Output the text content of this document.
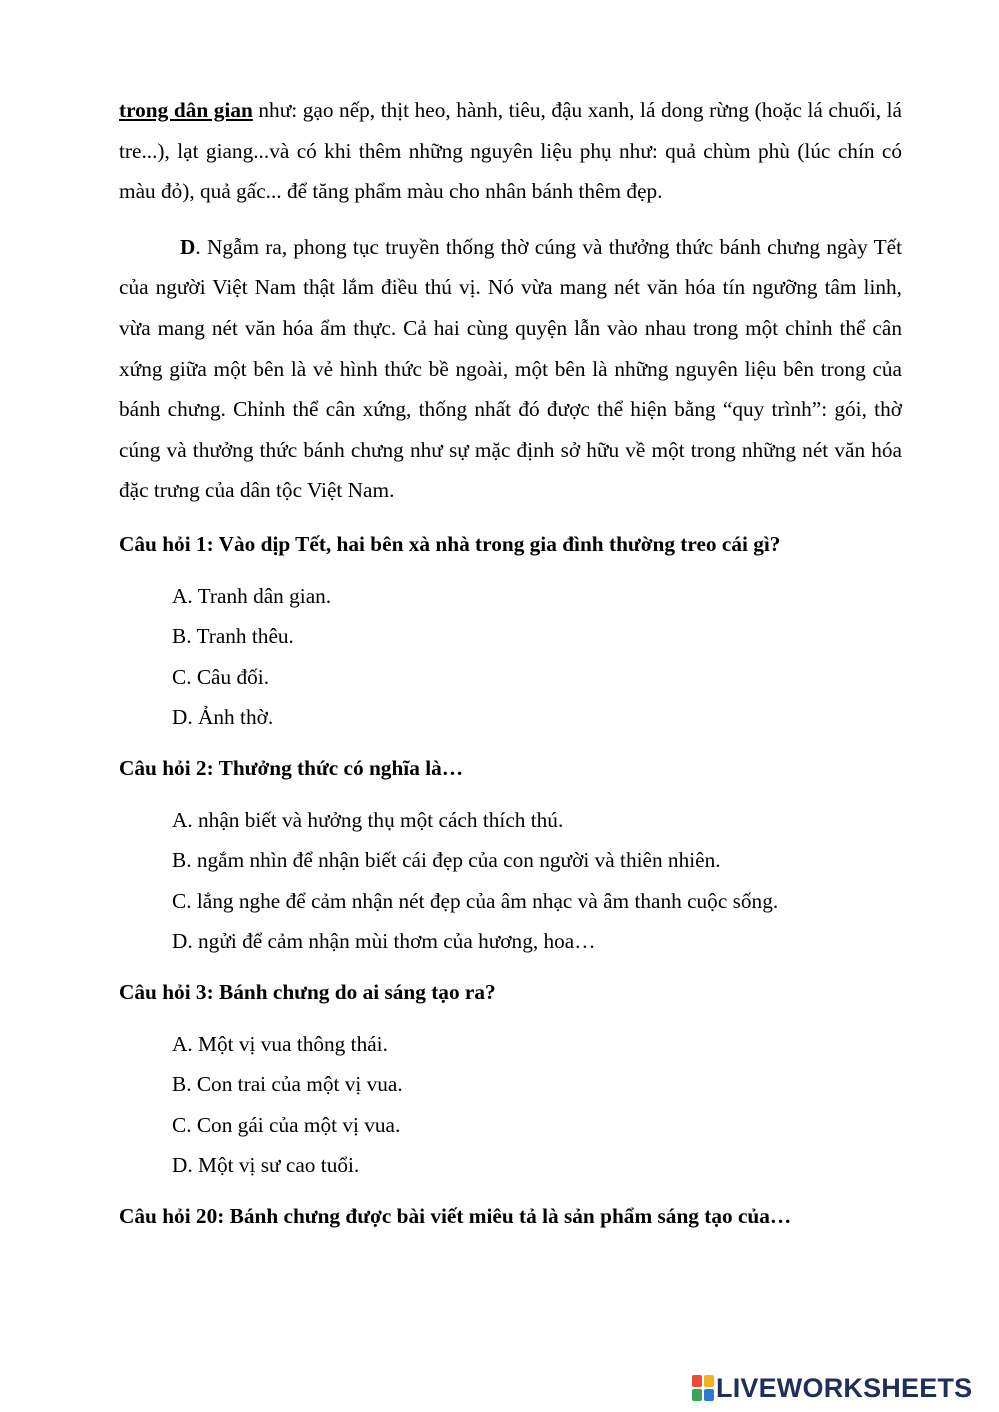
trong dân gian như: gạo nếp, thịt heo, hành, tiêu, đậu xanh, lá dong rừng (hoặc lá chuối, lá tre...), lạt giang...và có khi thêm những nguyên liệu phụ như: quả chùm phù (lúc chín có màu đỏ), quả gấc... để tăng phẩm màu cho nhân bánh thêm đẹp.

D. Ngẫm ra, phong tục truyền thống thờ cúng và thưởng thức bánh chưng ngày Tết của người Việt Nam thật lắm điều thú vị. Nó vừa mang nét văn hóa tín ngưỡng tâm linh, vừa mang nét văn hóa ẩm thực. Cả hai cùng quyện lẫn vào nhau trong một chỉnh thể cân xứng giữa một bên là vẻ hình thức bề ngoài, một bên là những nguyên liệu bên trong của bánh chưng. Chỉnh thể cân xứng, thống nhất đó được thể hiện bằng “quy trình”: gói, thờ cúng và thưởng thức bánh chưng như sự mặc định sở hữu về một trong những nét văn hóa đặc trưng của dân tộc Việt Nam.

Câu hỏi 1: Vào dịp Tết, hai bên xà nhà trong gia đình thường treo cái gì?

A. Tranh dân gian.

B. Tranh thêu.

C. Câu đối.

D. Ảnh thờ.

Câu hỏi 2: Thưởng thức có nghĩa là…

A. nhận biết và hưởng thụ một cách thích thú.

B. ngắm nhìn để nhận biết cái đẹp của con người và thiên nhiên.

C. lắng nghe để cảm nhận nét đẹp của âm nhạc và âm thanh cuộc sống.

D. ngửi để cảm nhận mùi thơm của hương, hoa…

Câu hỏi 3: Bánh chưng do ai sáng tạo ra?

A. Một vị vua thông thái.

B. Con trai của một vị vua.

C. Con gái của một vị vua.

D. Một vị sư cao tuổi.

Câu hỏi 20: Bánh chưng được bài viết miêu tả là sản phẩm sáng tạo của…

LIVEWORKSHEETS
